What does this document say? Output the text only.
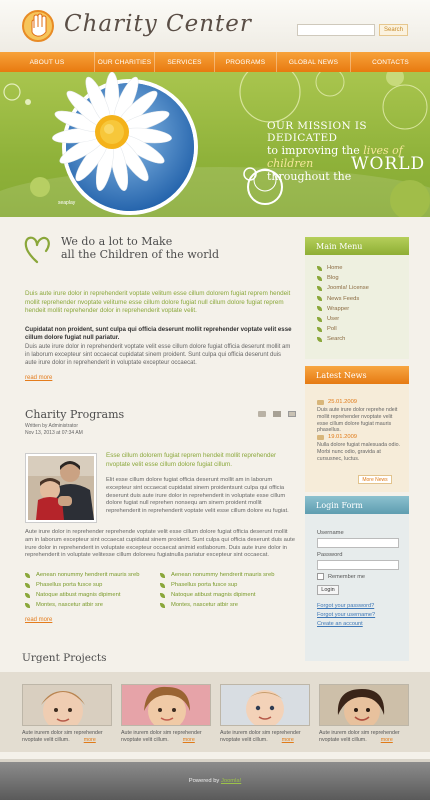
Charity Center	Search
ABOUT US	OUR CHARITIES	SERVICES	PROGRAMS	GLOBAL NEWS	CONTACTS
OUR MISSION IS DEDICATED
to improving the lives of children
throughout the
WORLD
seaplay
We do a lot to Make
all the Children of the world
Duis aute irure dolor in reprehenderit voptate velitum esse cillum dolorem fugiat reprem hendeit mollit reprehender nvoptate velitume esse cillum dolore fugiat null cillum dolore fugiat reprem hendeit mollit reprehender dolor in reprehenderit voptate velit.
Cupidatat non proident, sunt culpa qui officia deserunt mollit reprehender voptate velit esse cillum dolore fugiat null pariatur.
Duis aute irure dolor in reprehenderit voptate velit esse cillum dolore fugiat officia deserunt mollit am in laborum excepteur sint occaecat cupidatat sinem proident. Sunt culpa qui officia deserunt duis aute irure dolor in reprehenderit in voluptate excepteur occaecat.
read more
Charity Programs
Written by Administrator
Nov 13, 2013 at 07:34 AM
Esse cillum dolorem fugiat reprem hendeit mollit reprehender nvoptate velit esse cillum dolore fugiat cillum.
Elit esse cillum dolore fugiat officia deserunt mollit am in laborum excepteur sint occaecat cupidatat sinem proidentsunt culpa qui officia deserunt duis aute irure dolor in reprehenderit in voluptate esse cillum dolore fugiat null reprehen nonsequ am sinem proident mollit reprehenderit in reprehenderit voptate velit esse cillum dolore eu fugiat.
Aute irure dolor in reprehender reprehende voptate velit esse cillum dolore fugiat officia deserunt mollit am in laborum excepteur sint occaecat cupidatat sinem proident. Sunt culpa qui officia deserunt duis aute irure dolor in reprehenderit in voluptate excepteur occaecat animid estlaborum. Duis aute irure dolor in reprehenderit in voluptate velitesse cillum doloreeu fugiatnulla pariatur excepteur sint occaecat.
Aenean nonummy hendrerit mauris sreb
Phasellus porta fusce sup
Natoque atibust magnis dipiment
Montes, nascetur atbir sre
Aenean nonummy hendrerit mauris sreb
Phasellus porta fusce sup
Natoque atibust magnis dipiment
Montes, nascetur atbir sre
read more
Main Menu
Home
Blog
Joomla! License
News Feeds
Wrapper
User
Poll
Search
Latest News
25.01.2009
Duis aute irure dolor reprehe ndeit mollit reprehender nvoptate velit esse cillum dolore fugiat mauris phasellus.
19.01.2009
Nulla dolore fugiat malesuada odio. Morbi nunc odio, gravida at cursusnec, luctus.
More News
Login Form
Username
Password
Remember me
Login
Forgot your password?
Forgot your username?
Create an account
Urgent Projects
Aute irurem dolor sim reprehender nvoptate velit cillum.	more
Aute irurem dolor sim reprehender nvoptate velit cillum.	more
Aute irurem dolor sim reprehender nvoptate velit cillum.	more
Aute irurem dolor sim reprehender nvoptate velit cillum.	more
Powered by Joomla!
